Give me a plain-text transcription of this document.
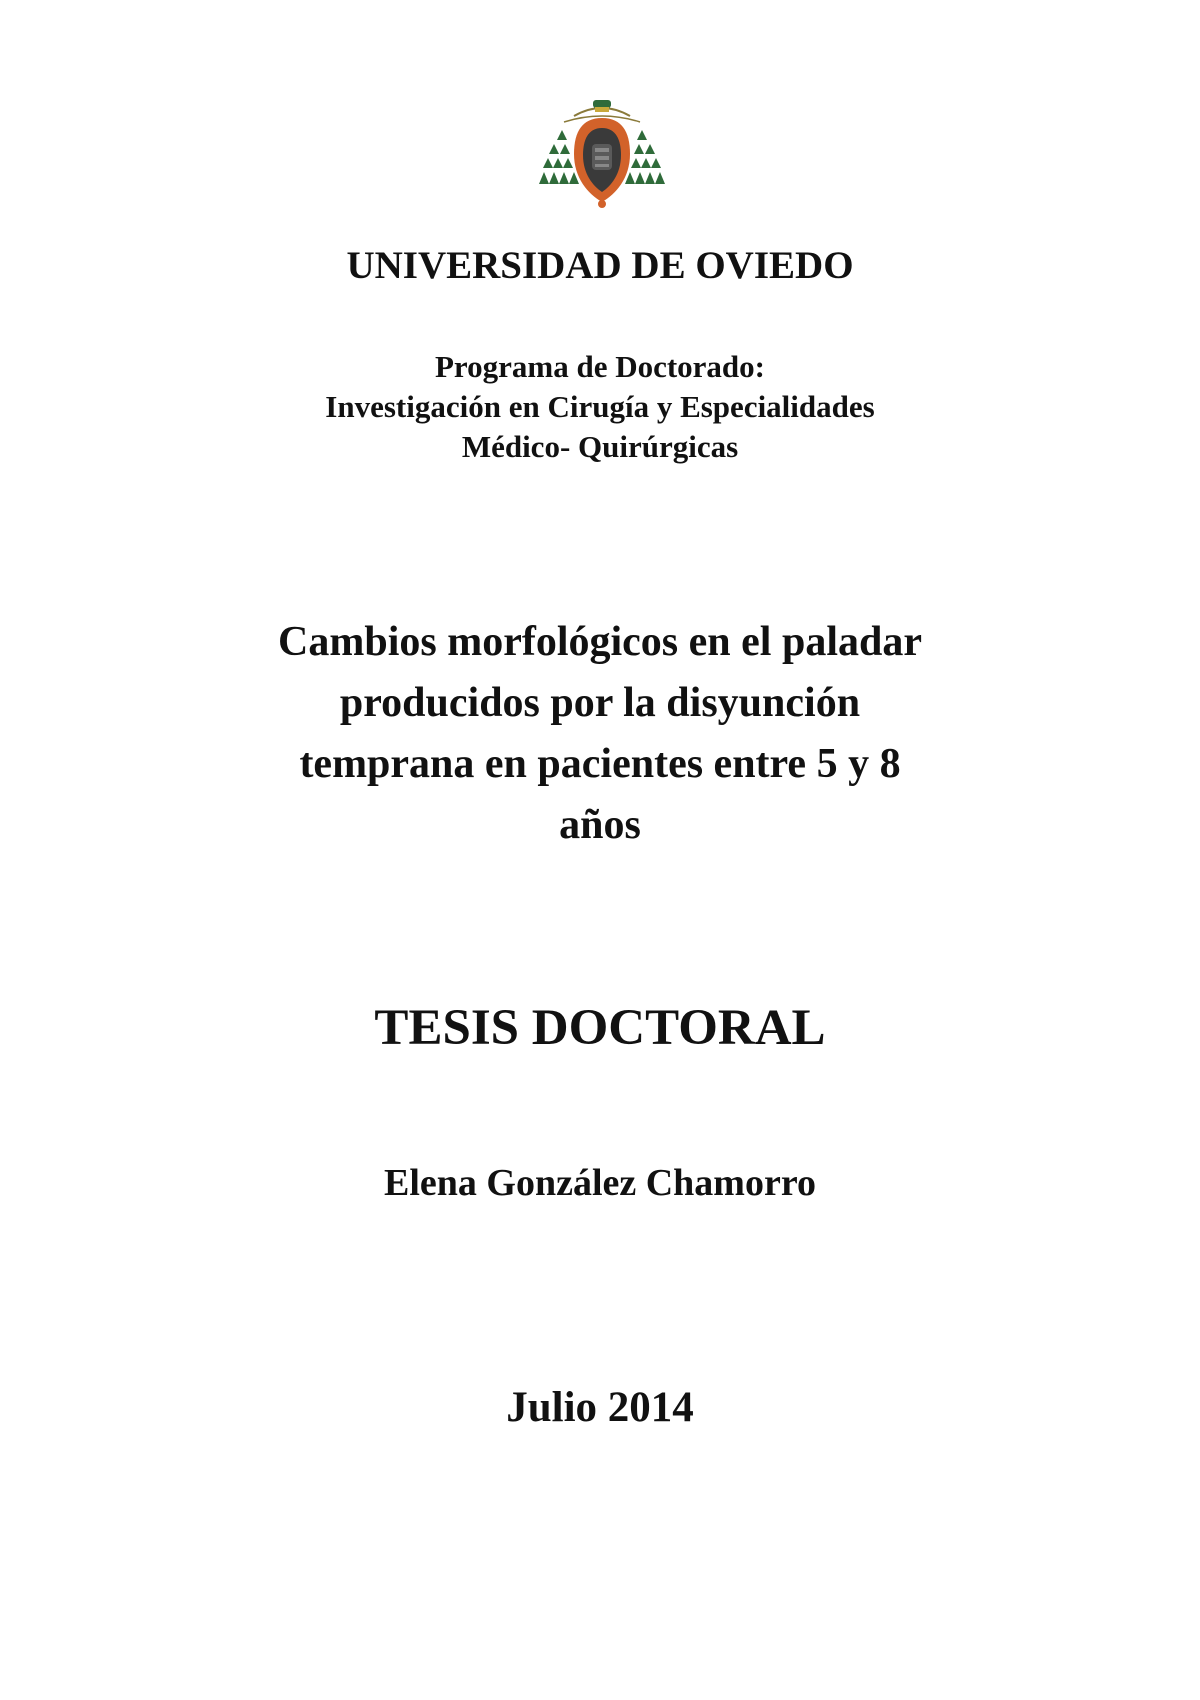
UNIVERSIDAD DE OVIEDO
Programa de Doctorado:
Investigación en Cirugía y Especialidades
Médico- Quirúrgicas
Cambios morfológicos en el paladar
producidos por la disyunción
temprana en pacientes entre 5 y 8
años
TESIS DOCTORAL
Elena González Chamorro
Julio 2014
